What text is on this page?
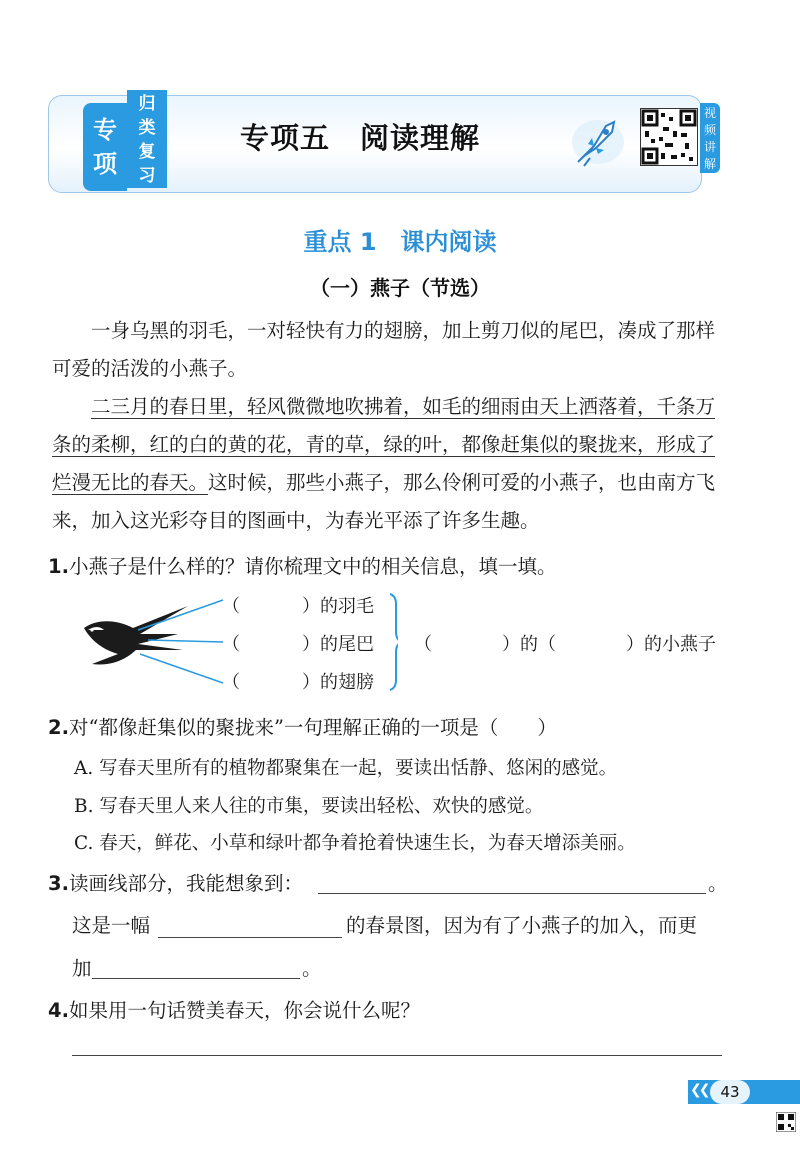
专
项
归
类
复
习
专项五　阅读理解
视
频
讲
解
重点 1　课内阅读
（一）燕子（节选）
一身乌黑的羽毛，一对轻快有力的翅膀，加上剪刀似的尾巴，凑成了那样可爱的活泼的小燕子。
二三月的春日里，轻风微微地吹拂着，如毛的细雨由天上洒落着，千条万条的柔柳，红的白的黄的花，青的草，绿的叶，都像赶集似的聚拢来，形成了烂漫无比的春天。这时候，那些小燕子，那么伶俐可爱的小燕子，也由南方飞来，加入这光彩夺目的图画中，为春光平添了许多生趣。
1.小燕子是什么样的？请你梳理文中的相关信息，填一填。
（	）的羽毛
（	）的尾巴
（	）的翅膀
（	）的（	）的小燕子
2.对“都像赶集似的聚拢来”一句理解正确的一项是（　　）
A. 写春天里所有的植物都聚集在一起，要读出恬静、悠闲的感觉。
B. 写春天里人来人往的市集，要读出轻松、欢快的感觉。
C. 春天，鲜花、小草和绿叶都争着抢着快速生长，为春天增添美丽。
3.读画线部分，我能想象到：	。
这是一幅	的春景图，因为有了小燕子的加入，而更
加	。
4.如果用一句话赞美春天，你会说什么呢？
❮❮ 43
